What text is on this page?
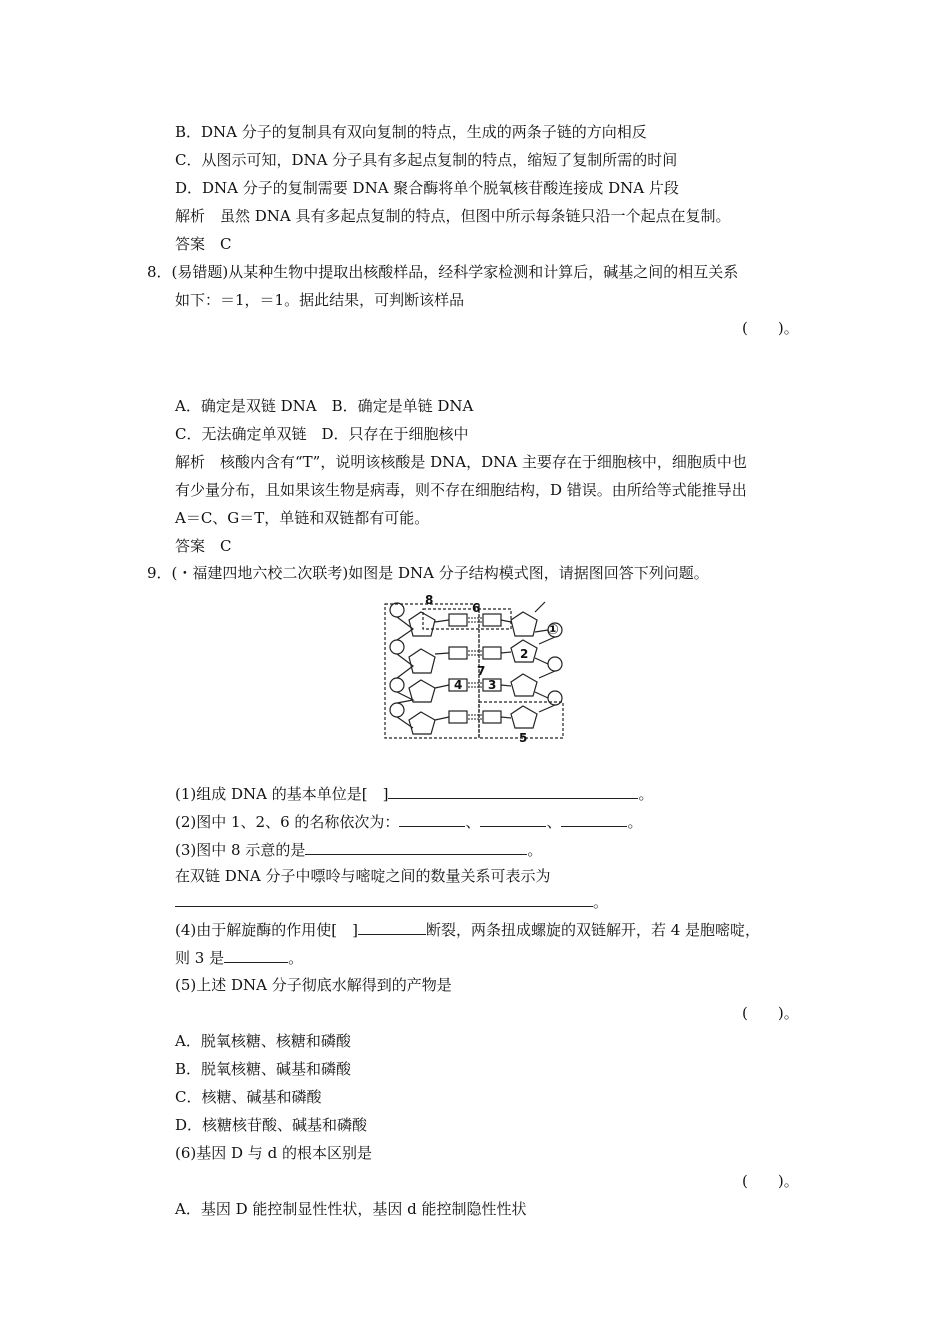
B．DNA 分子的复制具有双向复制的特点，生成的两条子链的方向相反
C．从图示可知，DNA 分子具有多起点复制的特点，缩短了复制所需的时间
D．DNA 分子的复制需要 DNA 聚合酶将单个脱氧核苷酸连接成 DNA 片段
解析　虽然 DNA 具有多起点复制的特点，但图中所示每条链只沿一个起点在复制。
答案　C
8．(易错题)从某种生物中提取出核酸样品，经科学家检测和计算后，碱基之间的相互关系
如下：＝1，＝1。据此结果，可判断该样品
(　　)。
A．确定是双链 DNA　B．确定是单链 DNA
C．无法确定单双链　D．只存在于细胞核中
解析　核酸内含有“T”，说明该核酸是 DNA，DNA 主要存在于细胞核中，细胞质中也
有少量分布，且如果该生物是病毒，则不存在细胞结构，D 错误。由所给等式能推导出
A＝C、G＝T，单链和双链都有可能。
答案　C
9．(・福建四地六校二次联考)如图是 DNA 分子结构模式图，请据图回答下列问题。
8
6
①
2
7
4 3
5
(1)组成 DNA 的基本单位是[　]	。
(2)图中 1、2、6 的名称依次为：	、	、	。
(3)图中 8 示意的是	。
在双链 DNA 分子中嘌呤与嘧啶之间的数量关系可表示为
。
(4)由于解旋酶的作用使[　]	断裂，两条扭成螺旋的双链解开，若 4 是胞嘧啶，
则 3 是	。
(5)上述 DNA 分子彻底水解得到的产物是
(　　)。
A．脱氧核糖、核糖和磷酸
B．脱氧核糖、碱基和磷酸
C．核糖、碱基和磷酸
D．核糖核苷酸、碱基和磷酸
(6)基因 D 与 d 的根本区别是
(　　)。
A．基因 D 能控制显性性状，基因 d 能控制隐性性状
